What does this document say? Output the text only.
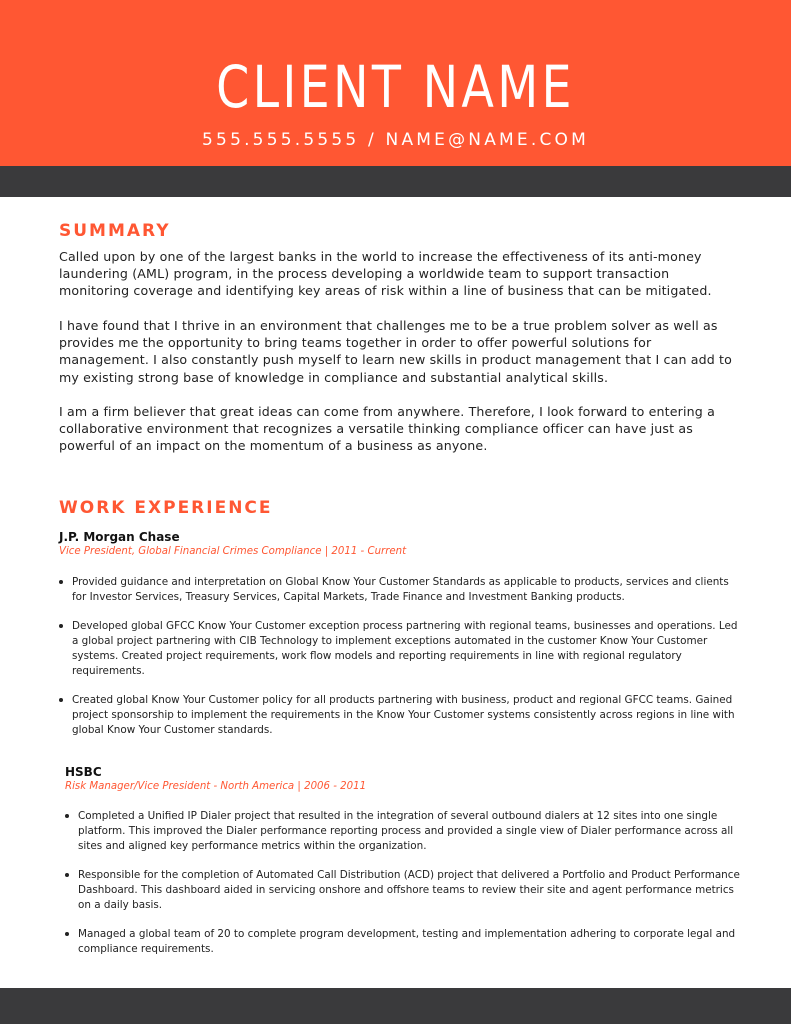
CLIENT NAME
555.555.5555 / NAME@NAME.COM
SUMMARY
Called upon by one of the largest banks in the world to increase the effectiveness of its anti-money laundering (AML) program, in the process developing a worldwide team to support transaction monitoring coverage and identifying key areas of risk within a line of business that can be mitigated.
I have found that I thrive in an environment that challenges me to be a true problem solver as well as provides me the opportunity to bring teams together in order to offer powerful solutions for management. I also constantly push myself to learn new skills in product management that I can add to my existing strong base of knowledge in compliance and substantial analytical skills.
I am a firm believer that great ideas can come from anywhere. Therefore, I look forward to entering a collaborative environment that recognizes a versatile thinking compliance officer can have just as powerful of an impact on the momentum of a business as anyone.
WORK EXPERIENCE
J.P. Morgan Chase
Vice President, Global Financial Crimes Compliance | 2011 - Current
Provided guidance and interpretation on Global Know Your Customer Standards as applicable to products, services and clients for Investor Services, Treasury Services, Capital Markets, Trade Finance and Investment Banking products.
Developed global GFCC Know Your Customer exception process partnering with regional teams, businesses and operations. Led a global project partnering with CIB Technology to implement exceptions automated in the customer Know Your Customer systems. Created project requirements, work flow models and reporting requirements in line with regional regulatory requirements.
Created global Know Your Customer policy for all products partnering with business, product and regional GFCC teams. Gained project sponsorship to implement the requirements in the Know Your Customer systems consistently across regions in line with global Know Your Customer standards.
HSBC
Risk Manager/Vice President - North America | 2006 - 2011
Completed a Unified IP Dialer project that resulted in the integration of several outbound dialers at 12 sites into one single platform. This improved the Dialer performance reporting process and provided a single view of Dialer performance across all sites and aligned key performance metrics within the organization.
Responsible for the completion of Automated Call Distribution (ACD) project that delivered a Portfolio and Product Performance Dashboard. This dashboard aided in servicing onshore and offshore teams to review their site and agent performance metrics on a daily basis.
Managed a global team of 20 to complete program development, testing and implementation adhering to corporate legal and compliance requirements.
